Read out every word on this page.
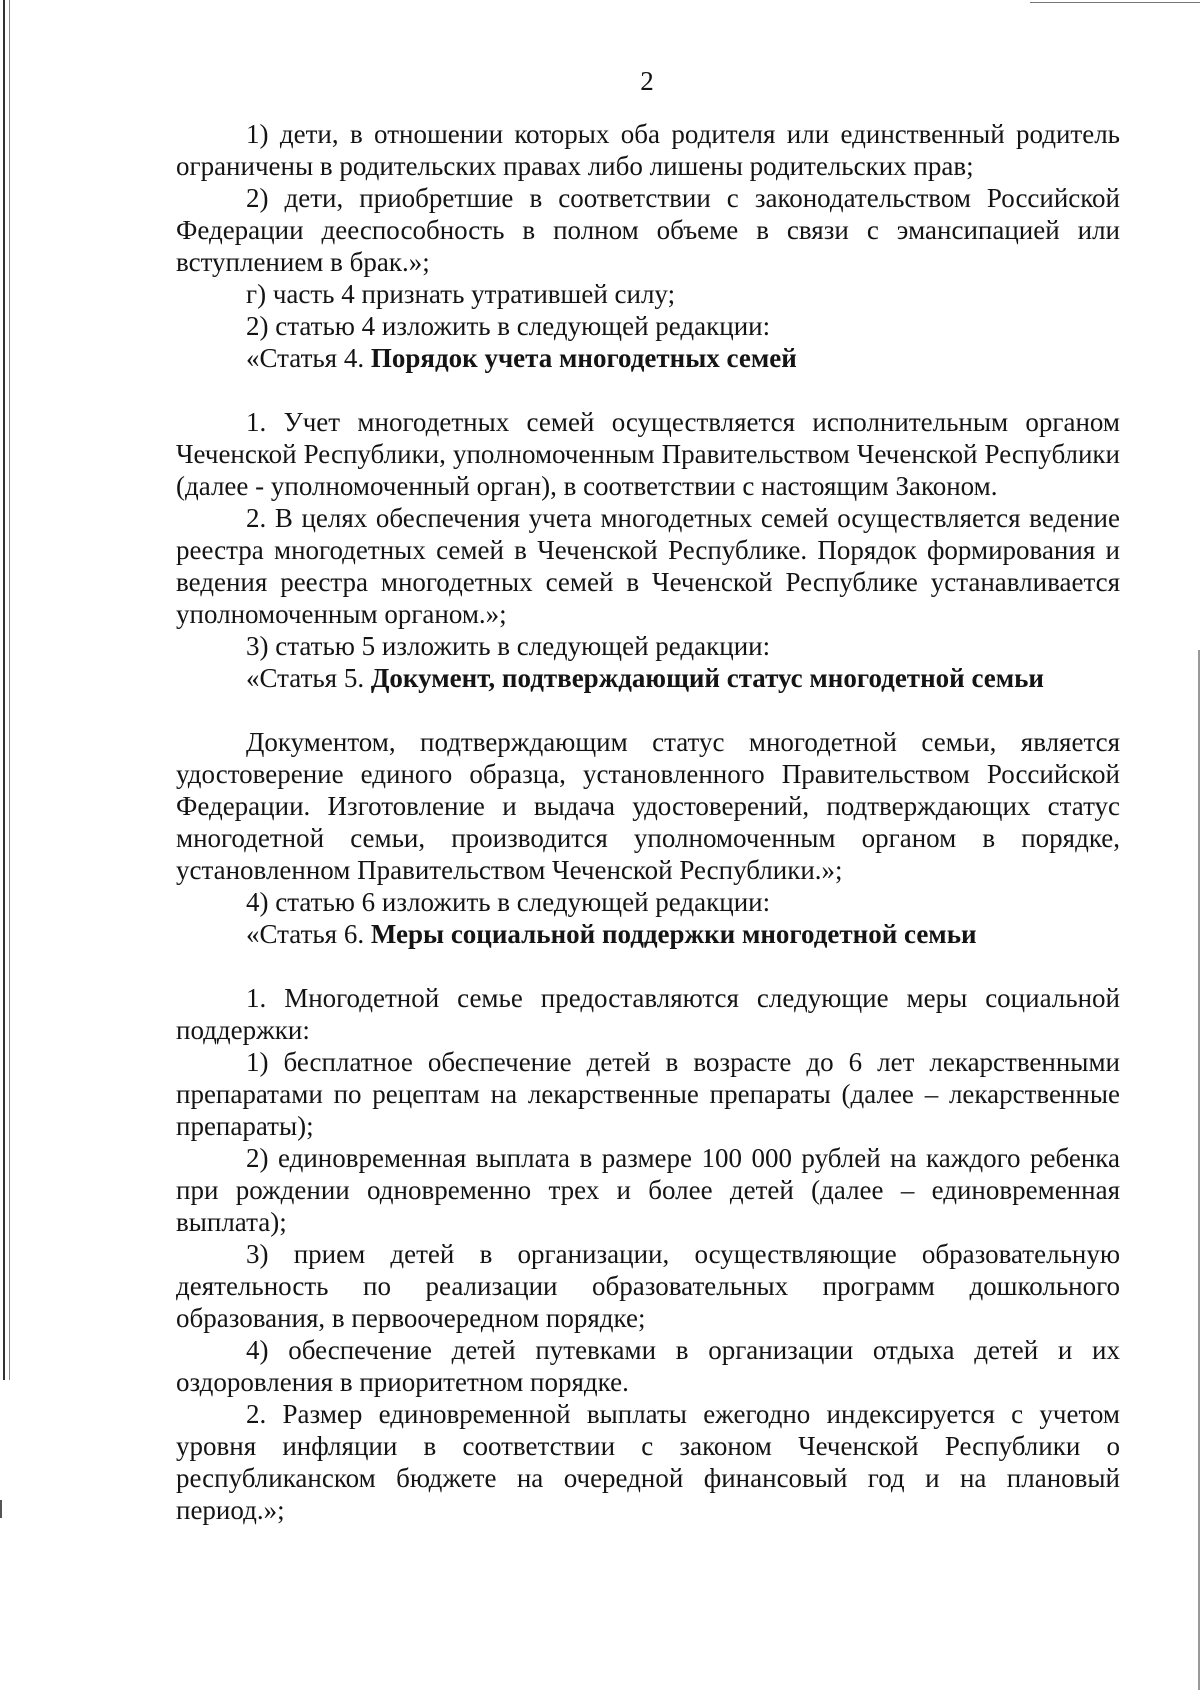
2

1) дети, в отношении которых оба родителя или единственный родитель ограничены в родительских правах либо лишены родительских прав;

2) дети, приобретшие в соответствии с законодательством Российской Федерации дееспособность в полном объеме в связи с эмансипацией или вступлением в брак.»;

г) часть 4 признать утратившей силу;

2) статью 4 изложить в следующей редакции:

«Статья 4. Порядок учета многодетных семей

1. Учет многодетных семей осуществляется исполнительным органом Чеченской Республики, уполномоченным Правительством Чеченской Республики (далее - уполномоченный орган), в соответствии с настоящим Законом.

2. В целях обеспечения учета многодетных семей осуществляется ведение реестра многодетных семей в Чеченской Республике. Порядок формирования и ведения реестра многодетных семей в Чеченской Республике устанавливается уполномоченным органом.»;

3) статью 5 изложить в следующей редакции:

«Статья 5. Документ, подтверждающий статус многодетной семьи

Документом, подтверждающим статус многодетной семьи, является удостоверение единого образца, установленного Правительством Российской Федерации. Изготовление и выдача удостоверений, подтверждающих статус многодетной семьи, производится уполномоченным органом в порядке, установленном Правительством Чеченской Республики.»;

4) статью 6 изложить в следующей редакции:

«Статья 6. Меры социальной поддержки многодетной семьи

1. Многодетной семье предоставляются следующие меры социальной поддержки:

1) бесплатное обеспечение детей в возрасте до 6 лет лекарственными препаратами по рецептам на лекарственные препараты (далее – лекарственные препараты);

2) единовременная выплата в размере 100 000 рублей на каждого ребенка при рождении одновременно трех и более детей (далее – единовременная выплата);

3) прием детей в организации, осуществляющие образовательную деятельность по реализации образовательных программ дошкольного образования, в первоочередном порядке;

4) обеспечение детей путевками в организации отдыха детей и их оздоровления в приоритетном порядке.

2. Размер единовременной выплаты ежегодно индексируется с учетом уровня инфляции в соответствии с законом Чеченской Республики о республиканском бюджете на очередной финансовый год и на плановый период.»;
